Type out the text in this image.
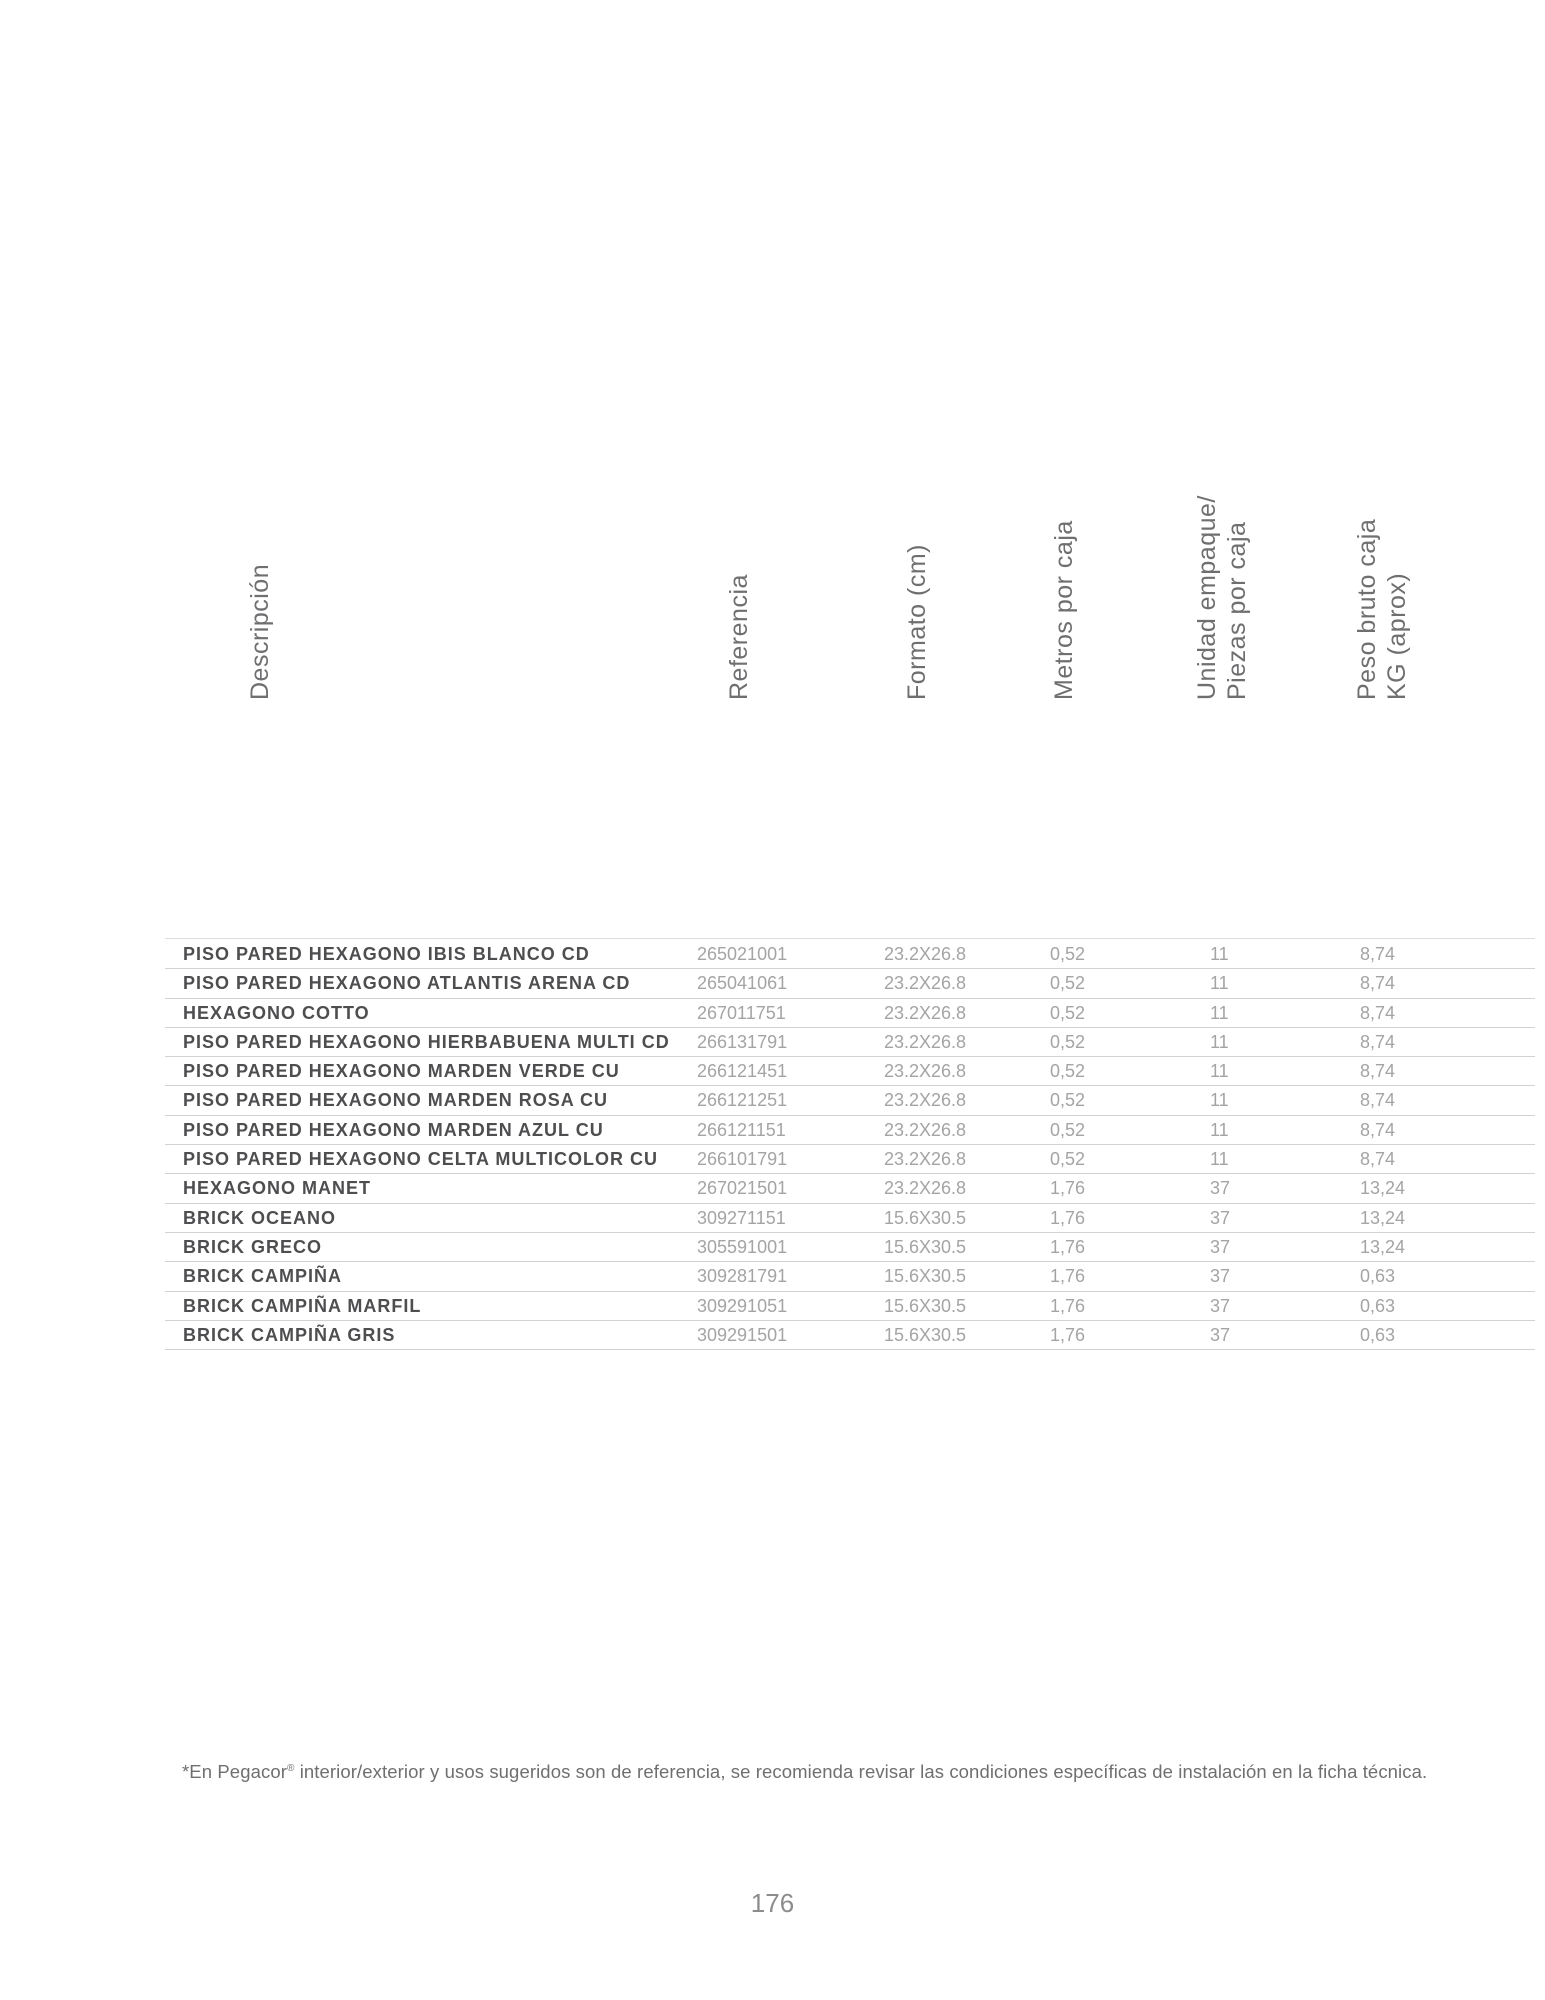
Descripción	Referencia	Formato (cm)	Metros por caja	Unidad empaque/ Piezas por caja	Peso bruto caja KG (aprox)
PISO PARED HEXAGONO IBIS BLANCO CD	265021001	23.2X26.8	0,52	11	8,74
PISO PARED HEXAGONO ATLANTIS ARENA CD	265041061	23.2X26.8	0,52	11	8,74
HEXAGONO COTTO	267011751	23.2X26.8	0,52	11	8,74
PISO PARED HEXAGONO HIERBABUENA MULTI CD 266131791	23.2X26.8	0,52	11	8,74
PISO PARED HEXAGONO MARDEN VERDE CU	266121451	23.2X26.8	0,52	11	8,74
PISO PARED HEXAGONO MARDEN ROSA CU	266121251	23.2X26.8	0,52	11	8,74
PISO PARED HEXAGONO MARDEN AZUL CU	266121151	23.2X26.8	0,52	11	8,74
PISO PARED HEXAGONO CELTA MULTICOLOR CU 266101791	23.2X26.8	0,52	11	8,74
HEXAGONO MANET	267021501	23.2X26.8	1,76	37	13,24
BRICK OCEANO	309271151	15.6X30.5	1,76	37	13,24
BRICK GRECO	305591001	15.6X30.5	1,76	37	13,24
BRICK CAMPIÑA	309281791	15.6X30.5	1,76	37	0,63
BRICK CAMPIÑA MARFIL	309291051	15.6X30.5	1,76	37	0,63
BRICK CAMPIÑA GRIS	309291501	15.6X30.5	1,76	37	0,63
*En Pegacor® interior/exterior y usos sugeridos son de referencia, se recomienda revisar las condiciones específicas de instalación en la ficha técnica.
176
